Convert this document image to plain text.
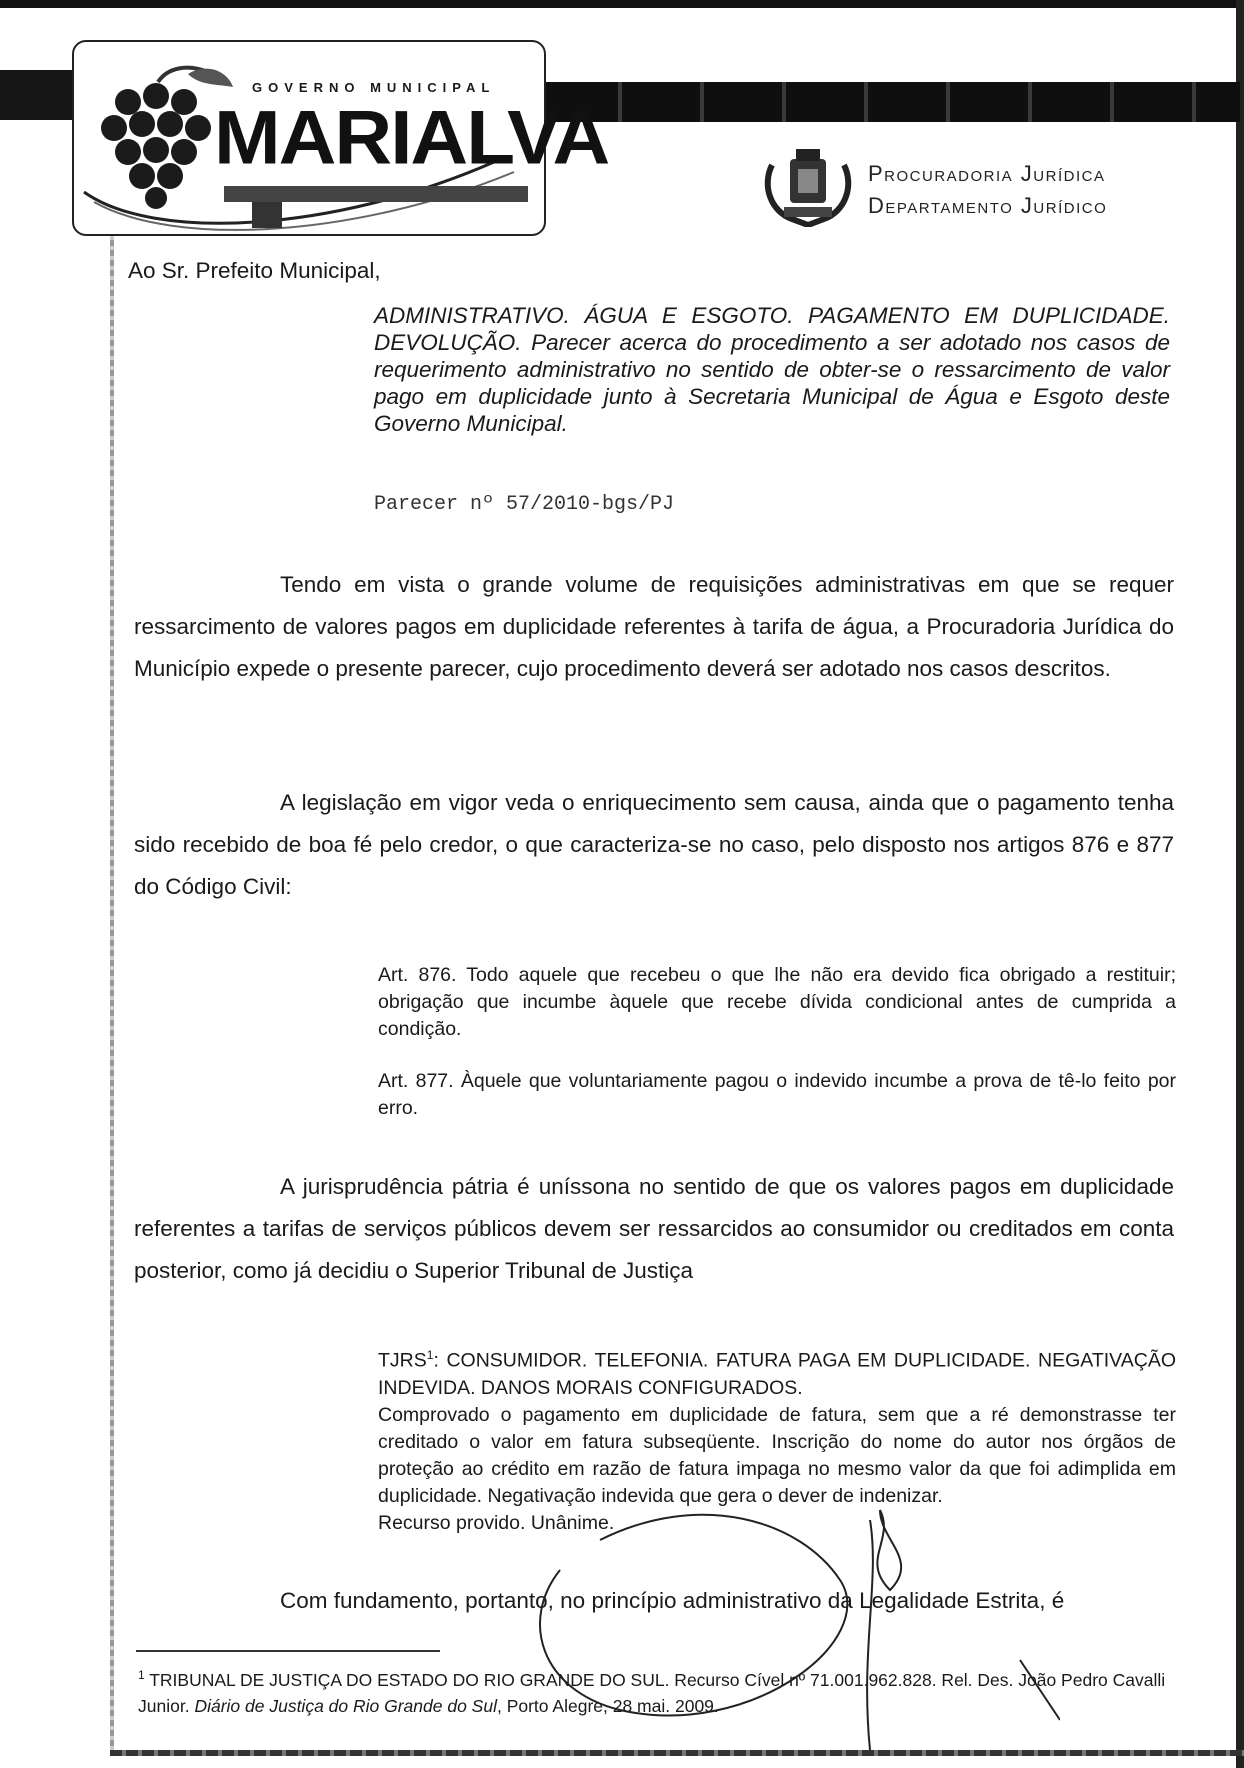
GOVERNO MUNICIPAL
MARIALVA	Procuradoria Jurídica
Departamento Jurídico
Ao Sr. Prefeito Municipal,
ADMINISTRATIVO. ÁGUA E ESGOTO. PAGAMENTO EM DUPLICIDADE. DEVOLUÇÃO. Parecer acerca do procedimento a ser adotado nos casos de requerimento administrativo no sentido de obter-se o ressarcimento de valor pago em duplicidade junto à Secretaria Municipal de Água e Esgoto deste Governo Municipal.
Parecer nº 57/2010-bgs/PJ
Tendo em vista o grande volume de requisições administrativas em que se requer ressarcimento de valores pagos em duplicidade referentes à tarifa de água, a Procuradoria Jurídica do Município expede o presente parecer, cujo procedimento deverá ser adotado nos casos descritos.
A legislação em vigor veda o enriquecimento sem causa, ainda que o pagamento tenha sido recebido de boa fé pelo credor, o que caracteriza-se no caso, pelo disposto nos artigos 876 e 877 do Código Civil:
Art. 876. Todo aquele que recebeu o que lhe não era devido fica obrigado a restituir; obrigação que incumbe àquele que recebe dívida condicional antes de cumprida a condição.
Art. 877. Àquele que voluntariamente pagou o indevido incumbe a prova de tê-lo feito por erro.
A jurisprudência pátria é uníssona no sentido de que os valores pagos em duplicidade referentes a tarifas de serviços públicos devem ser ressarcidos ao consumidor ou creditados em conta posterior, como já decidiu o Superior Tribunal de Justiça
TJRS$^1$: CONSUMIDOR. TELEFONIA. FATURA PAGA EM DUPLICIDADE. NEGATIVAÇÃO INDEVIDA. DANOS MORAIS CONFIGURADOS.
Comprovado o pagamento em duplicidade de fatura, sem que a ré demonstrasse ter creditado o valor em fatura subseqüente. Inscrição do nome do autor nos órgãos de proteção ao crédito em razão de fatura impaga no mesmo valor da que foi adimplida em duplicidade. Negativação indevida que gera o dever de indenizar.
Recurso provido. Unânime.
Com fundamento, portanto, no princípio administrativo da Legalidade Estrita, é
$^1$ TRIBUNAL DE JUSTIÇA DO ESTADO DO RIO GRANDE DO SUL. Recurso Cível nº 71.001.962.828. Rel. Des. João Pedro Cavalli Junior. Diário de Justiça do Rio Grande do Sul, Porto Alegre, 28 mai. 2009.
